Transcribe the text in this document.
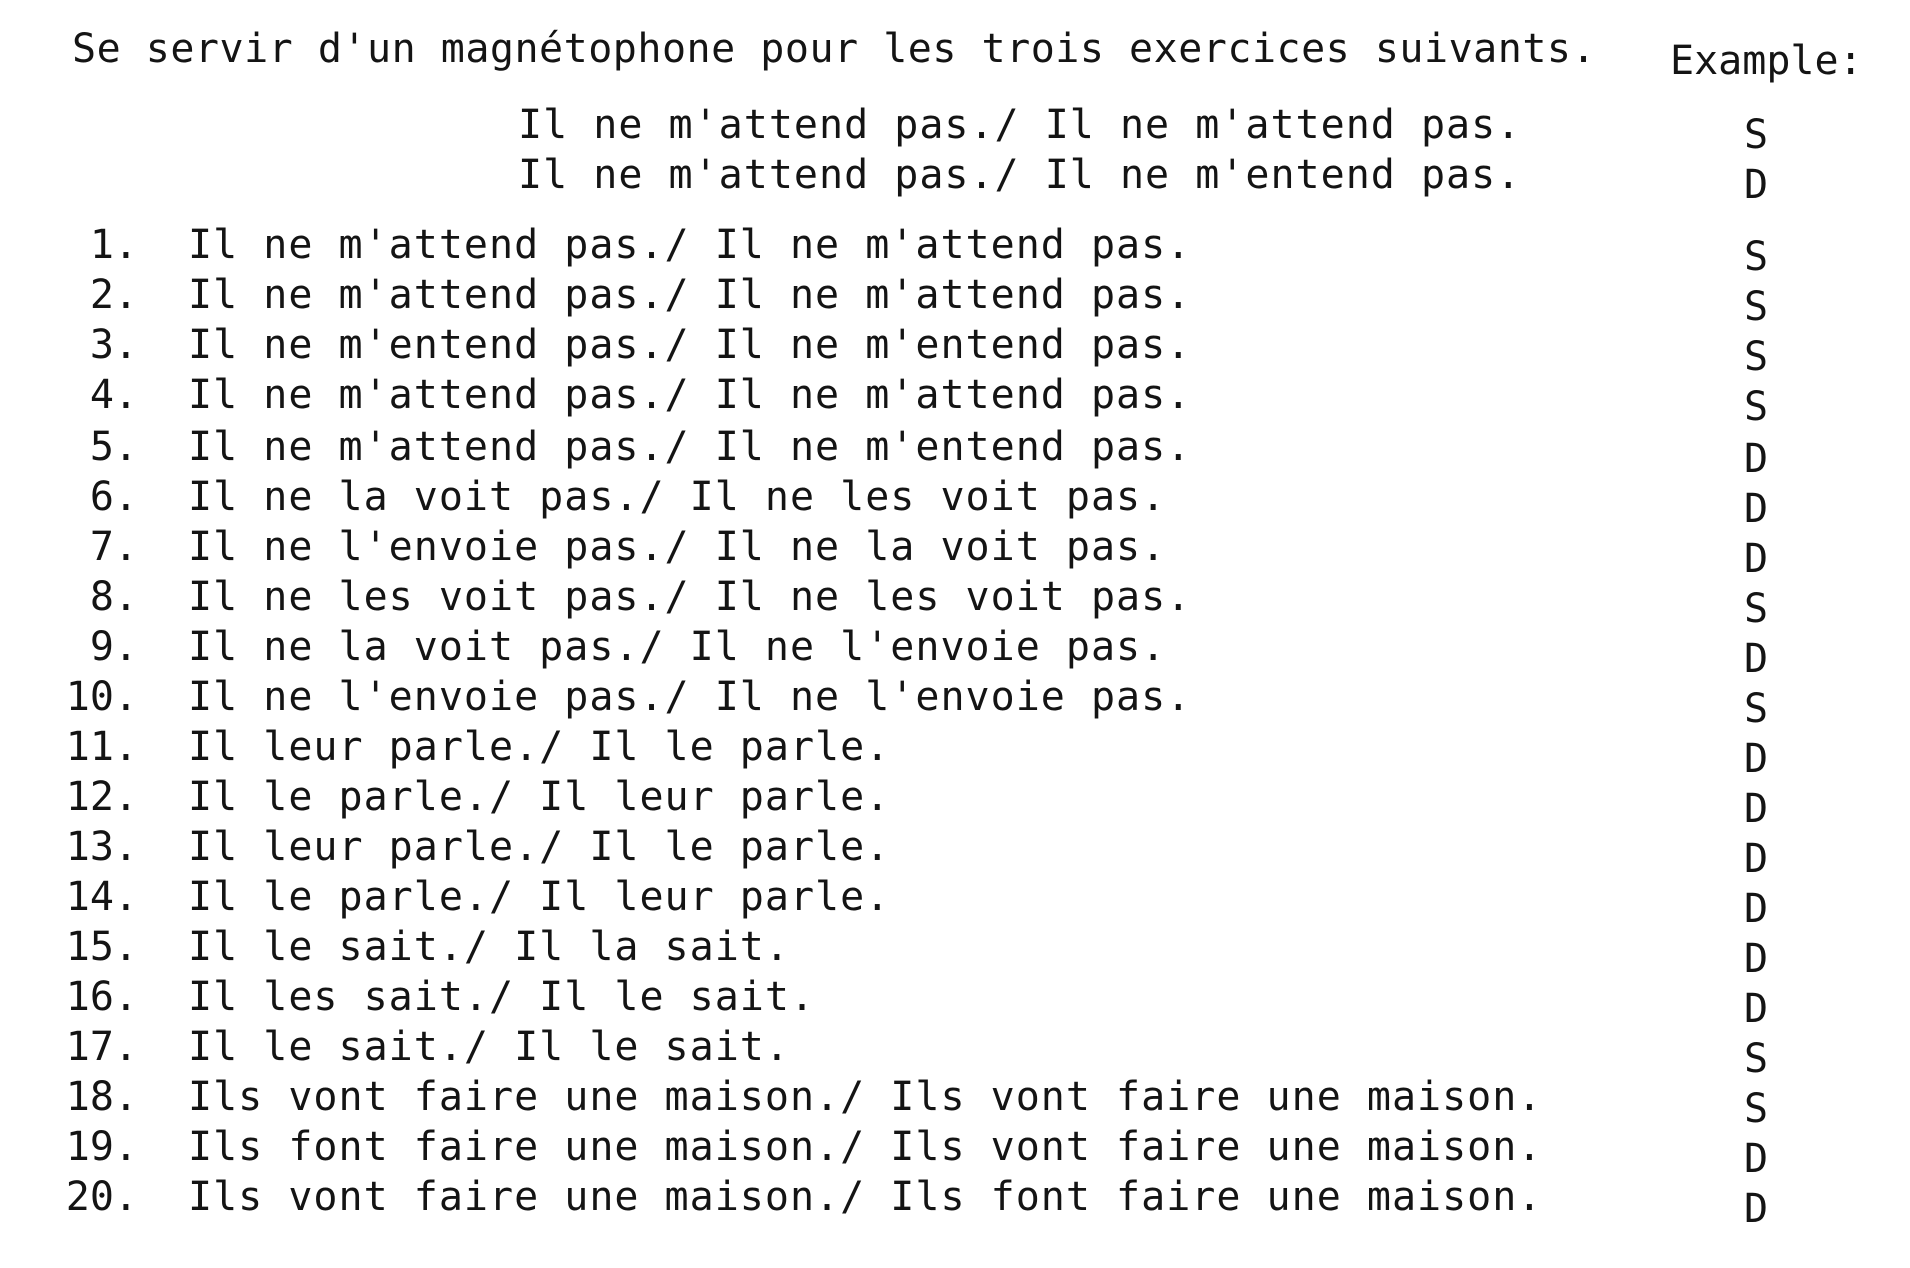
Se servir d'un magnétophone pour les trois exercices suivants. Example:
Il ne m'attend pas./ Il ne m'attend pas.	S
Il ne m'attend pas./ Il ne m'entend pas.	D
1. Il ne m'attend pas./ Il ne m'attend pas.	S
2. Il ne m'attend pas./ Il ne m'attend pas.	S
3. Il ne m'entend pas./ Il ne m'entend pas.	S
4. Il ne m'attend pas./ Il ne m'attend pas.	S
5. Il ne m'attend pas./ Il ne m'entend pas.	D
6. Il ne la voit pas./ Il ne les voit pas.	D
7. Il ne l'envoie pas./ Il ne la voit pas.	D
8. Il ne les voit pas./ Il ne les voit pas.	S
9. Il ne la voit pas./ Il ne l'envoie pas.	D
10. Il ne l'envoie pas./ Il ne l'envoie pas.	S
11. Il leur parle./ Il le parle.	D
12. Il le parle./ Il leur parle.	D
13. Il leur parle./ Il le parle.	D
14. Il le parle./ Il leur parle.	D
15. Il le sait./ Il la sait.	D
16. Il les sait./ Il le sait.	D
17. Il le sait./ Il le sait.	S
18. Ils vont faire une maison./ Ils vont faire une maison.	S
19. Ils font faire une maison./ Ils vont faire une maison.	D
20. Ils vont faire une maison./ Ils font faire une maison.	D
